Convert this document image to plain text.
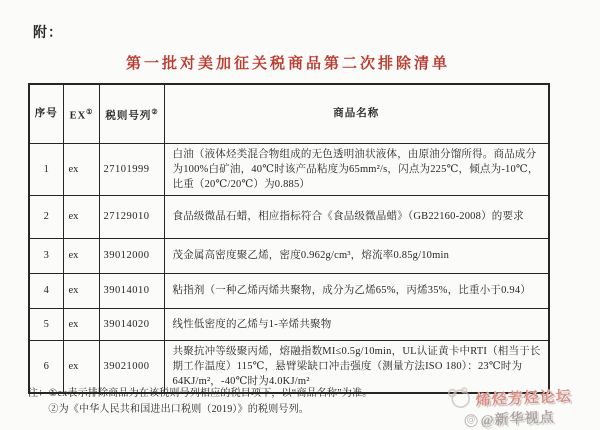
附：
第一批对美加征关税商品第二次排除清单
序号	EX①	税则号列②	商品名称
1	ex	27101999	白油（液体烃类混合物组成的无色透明油状液体，由原油分馏所得。商品成分为100%白矿油，40℃时该产品粘度为65mm²/s，闪点为225℃，倾点为-10℃，比重（20℃/20℃）为0.885）
2	ex	27129010	食品级微晶石蜡，相应指标符合《食品级微晶蜡》（GB22160-2008）的要求
3	ex	39012000	茂金属高密度聚乙烯，密度0.962g/cm³，熔流率0.85g/10min
4	ex	39014010	粘指剂（一种乙烯丙烯共聚物，成分为乙烯65%，丙烯35%，比重小于0.94）
5	ex	39014020	线性低密度的乙烯与1-辛烯共聚物
6	ex	39021000	共聚抗冲等级聚丙烯，熔融指数MI≤0.5g/10min，UL认证黄卡中RTI（相当于长期工作温度）115℃，悬臂梁缺口冲击强度（测量方法ISO 180）：23℃时为64KJ/m²，-40℃时为4.0KJ/m²
注： ①ex表示排除商品为在该税则号列相应的税目项下，以“商品名称”为准。
②为《中华人民共和国进出口税则（2019）》的税则号列。	烯烃芳烃论坛
@ @新华视点
